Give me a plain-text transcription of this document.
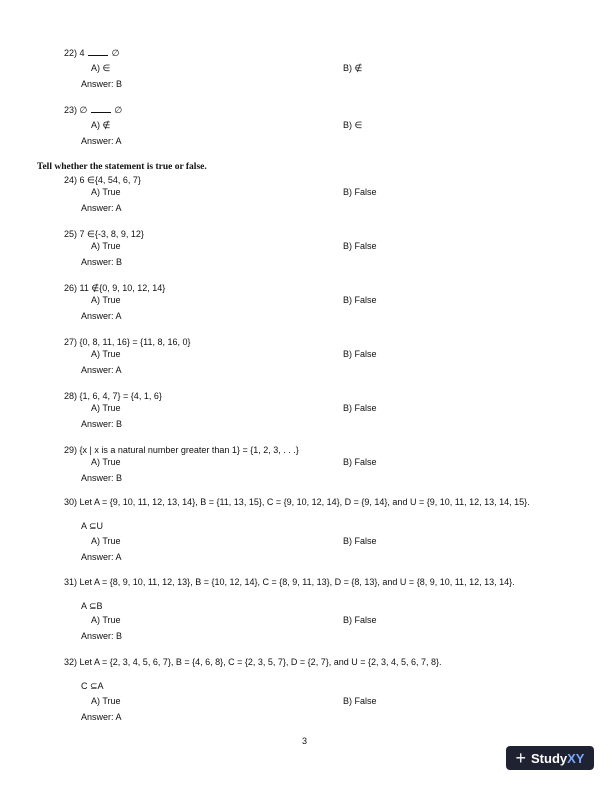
22) 4	∅
A) ∈	B) ∉
Answer: B
23) ∅	∅
A) ∉	B) ∈
Answer: A
Tell whether the statement is true or false.
24) 6 ∈{4, 54, 6, 7}
A) True	B) False
Answer: A
25) 7 ∈{-3, 8, 9, 12}
A) True	B) False
Answer: B
26) 11 ∉{0, 9, 10, 12, 14}
A) True	B) False
Answer: A
27) {0, 8, 11, 16} = {11, 8, 16, 0}
A) True	B) False
Answer: A
28) {1, 6, 4, 7} = {4, 1, 6}
A) True	B) False
Answer: B
29) {x | x is a natural number greater than 1} = {1, 2, 3, . . .}
A) True	B) False
Answer: B
30) Let A = {9, 10, 11, 12, 13, 14}, B = {11, 13, 15}, C = {9, 10, 12, 14}, D = {9, 14}, and U = {9, 10, 11, 12, 13, 14, 15}.
A ⊆U
A) True	B) False
Answer: A
31) Let A = {8, 9, 10, 11, 12, 13}, B = {10, 12, 14}, C = {8, 9, 11, 13}, D = {8, 13}, and U = {8, 9, 10, 11, 12, 13, 14}.
A ⊆B
A) True	B) False
Answer: B
32) Let A = {2, 3, 4, 5, 6, 7}, B = {4, 6, 8}, C = {2, 3, 5, 7}, D = {2, 7}, and U = {2, 3, 4, 5, 6, 7, 8}.
C ⊆A
A) True	B) False
Answer: A
3
+ Study XY
